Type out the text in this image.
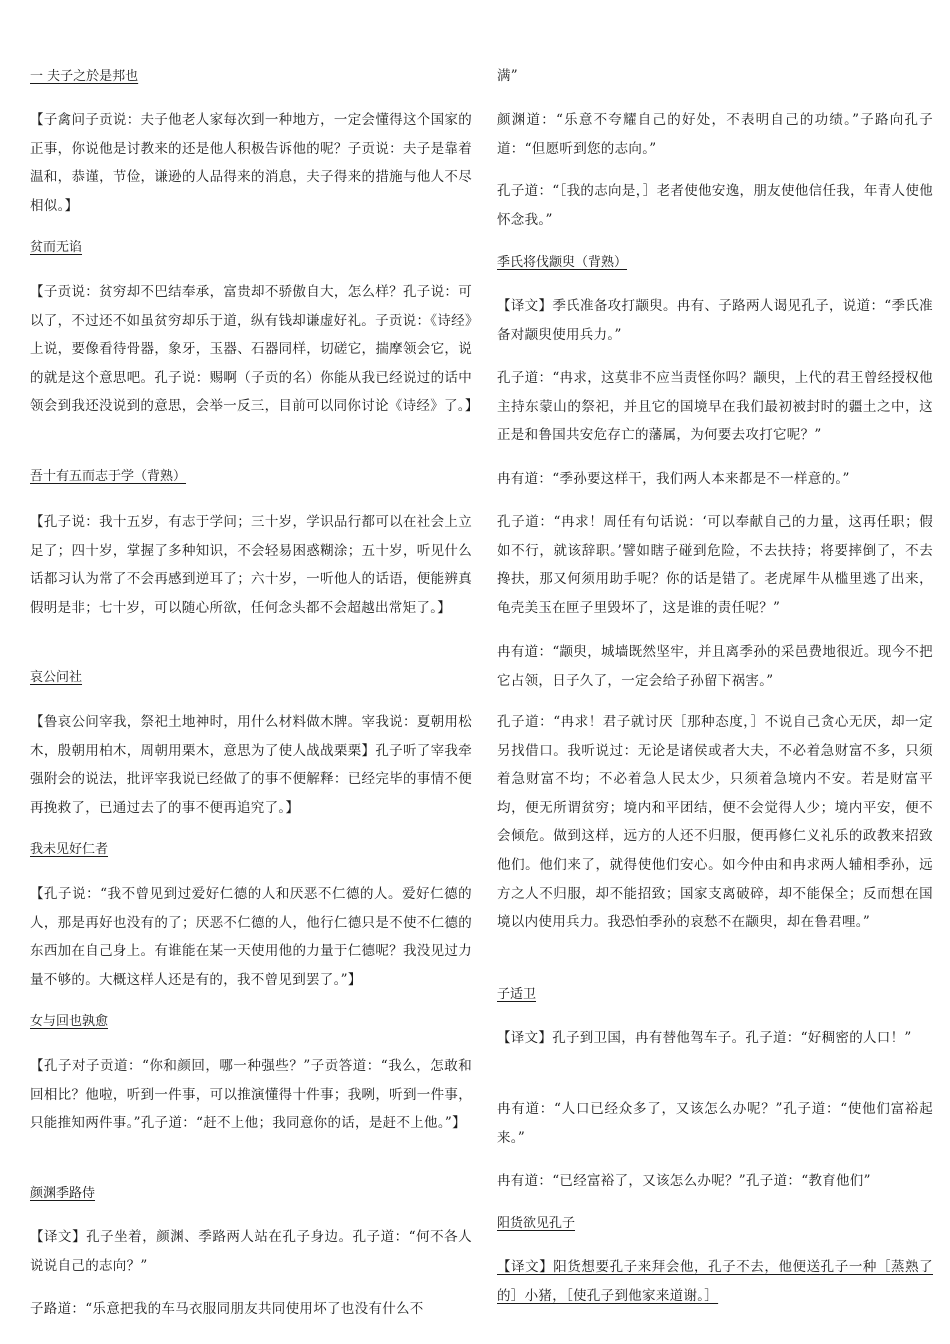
一 夫子之於是邦也

【子禽问子贡说：夫子他老人家每次到一种地方，一定会懂得这个国家的正事，你说他是讨教来的还是他人积极告诉他的呢？子贡说：夫子是靠着温和，恭谨，节俭，谦逊的人品得来的消息，夫子得来的措施与他人不尽相似。】

贫而无谄

【子贡说：贫穷却不巴结奉承，富贵却不骄傲自大，怎么样？孔子说：可以了，不过还不如虽贫穷却乐于道，纵有钱却谦虚好礼。子贡说：《诗经》上说，要像看待骨器，象牙，玉器、石器同样，切磋它，揣摩领会它，说的就是这个意思吧。孔子说：赐啊（子贡的名）你能从我已经说过的话中领会到我还没说到的意思，会举一反三，目前可以同你讨论《诗经》了。】

吾十有五而志于学（背熟）

【孔子说：我十五岁，有志于学问；三十岁，学识品行都可以在社会上立足了；四十岁，掌握了多种知识，不会轻易困惑糊涂；五十岁，听见什么话都习认为常了不会再感到逆耳了；六十岁，一听他人的话语，便能辨真假明是非；七十岁，可以随心所欲，任何念头都不会超越出常矩了。】

哀公问社

【鲁哀公问宰我，祭祀土地神时，用什么材料做木牌。宰我说：夏朝用松木，殷朝用柏木，周朝用栗木，意思为了使人战战栗栗】孔子听了宰我牵强附会的说法，批评宰我说已经做了的事不便解释：已经完毕的事情不便再挽救了，已通过去了的事不便再追究了。】

我未见好仁者

【孔子说：“我不曾见到过爱好仁德的人和厌恶不仁德的人。爱好仁德的人，那是再好也没有的了；厌恶不仁德的人，他行仁德只是不使不仁德的东西加在自己身上。有谁能在某一天使用他的力量于仁德呢？我没见过力量不够的。大概这样人还是有的，我不曾见到罢了。”】

女与回也孰愈

【孔子对子贡道：“你和颜回，哪一种强些？”子贡答道：“我么，怎敢和回相比？他啦，听到一件事，可以推演懂得十件事；我咧，听到一件事，只能推知两件事。”孔子道：“赶不上他；我同意你的话，是赶不上他。”】

颜渊季路侍

【译文】孔子坐着，颜渊、季路两人站在孔子身边。孔子道：“何不各人说说自己的志向？”

子路道：“乐意把我的车马衣服同朋友共同使用坏了也没有什么不

满”

颜渊道：“乐意不夸耀自己的好处，不表明自己的功绩。”子路向孔子道：“但愿听到您的志向。”

孔子道：“［我的志向是，］老者使他安逸，朋友使他信任我，年青人使他怀念我。”

季氏将伐颛臾（背熟）

【译文】季氏准备攻打颛臾。冉有、子路两人谒见孔子，说道：“季氏准备对颛臾使用兵力。”

孔子道：“冉求，这莫非不应当责怪你吗？颛臾，上代的君王曾经授权他主持东蒙山的祭祀，并且它的国境早在我们最初被封时的疆土之中，这正是和鲁国共安危存亡的藩属，为何要去攻打它呢？”

冉有道：“季孙要这样干，我们两人本来都是不一样意的。”

孔子道：“冉求！周任有句话说：‘可以奉献自己的力量，这再任职；假如不行，就该辞职。’譬如瞎子碰到危险，不去扶持；将要摔倒了，不去搀扶，那又何须用助手呢？你的话是错了。老虎犀牛从槛里逃了出来，龟壳美玉在匣子里毁坏了，这是谁的责任呢？”

冉有道：“颛臾，城墙既然坚牢，并且离季孙的采邑费地很近。现今不把它占领，日子久了，一定会给子孙留下祸害。”

孔子道：“冉求！君子就讨厌［那种态度，］不说自己贪心无厌，却一定另找借口。我听说过：无论是诸侯或者大夫，不必着急财富不多，只须着急财富不均；不必着急人民太少，只须着急境内不安。若是财富平均，便无所谓贫穷；境内和平团结，便不会觉得人少；境内平安，便不会倾危。做到这样，远方的人还不归服，便再修仁义礼乐的政教来招致他们。他们来了，就得使他们安心。如今仲由和冉求两人辅相季孙，远方之人不归服，却不能招致；国家支离破碎，却不能保全；反而想在国境以内使用兵力。我恐怕季孙的哀愁不在颛臾，却在鲁君哩。”

子适卫

【译文】孔子到卫国，冉有替他驾车子。孔子道：“好稠密的人口！”

冉有道：“人口已经众多了，又该怎么办呢？”孔子道：“使他们富裕起来。”

冉有道：“已经富裕了，又该怎么办呢？”孔子道：“教育他们”

阳货欲见孔子

【译文】阳货想要孔子来拜会他，孔子不去，他便送孔子一种［蒸熟了的］小猪，［使孔子到他家来道谢。］
